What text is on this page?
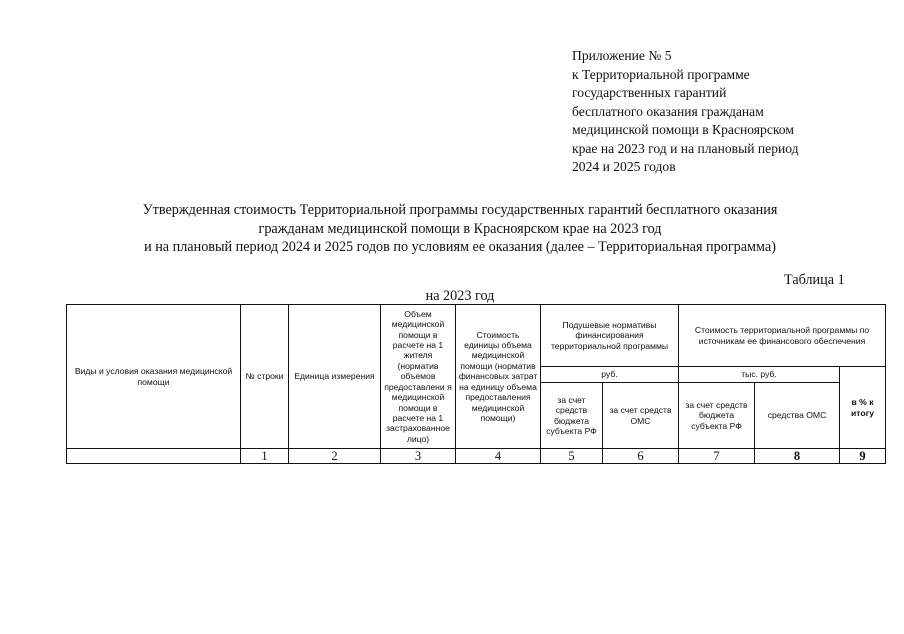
Приложение № 5
к Территориальной программе
государственных гарантий
бесплатного оказания гражданам
медицинской помощи в Красноярском
крае на 2023 год и на плановый период
2024 и 2025 годов
Утвержденная стоимость Территориальной программы государственных гарантий бесплатного оказания
гражданам медицинской помощи в Красноярском крае на 2023 год
и на плановый период 2024 и 2025 годов по условиям ее оказания (далее – Территориальная программа)
Таблица 1
на 2023 год
Виды и условия оказания медицинской помощи	№ строки	Единица измерения	Объем медицинской помощи в расчете на 1 жителя (норматив объемов предоставлени я медицинской помощи в расчете на 1 застрахованное лицо)	Стоимость единицы объема медицинской помощи (норматив финансовых затрат на единицу объема предоставления медицинской помощи)	Подушевые нормативы финансирования территориальной программы		Стоимость территориальной программы по источникам ее финансового обеспечения		
					руб.		тыс. руб.		в % к итогу
					за счет средств бюджета субъекта РФ	за счет средств ОМС	за счет средств бюджета субъекта РФ	средства ОМС	
	1	2	3	4	5	6	7	8	9
